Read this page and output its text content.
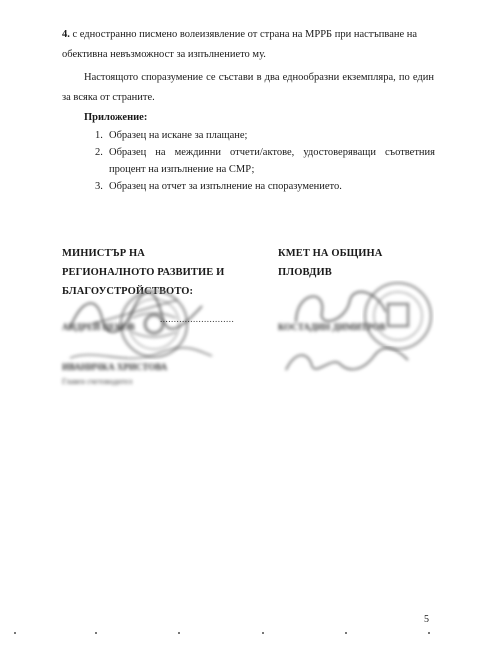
4. с едностранно писмено волеизявление от страна на МРРБ при настъпване на
обективна невъзможност за изпълнението му.
Настоящото споразумение се състави в два еднообразни екземпляра, по един за всяка от страните.
Приложение:
1. Образец на искане за плащане;
2. Образец на междинни отчети/актове, удостоверяващи съответния процент на изпълнение на СМР;
3. Образец на отчет за изпълнение на споразумението.
МИНИСТЪР НА
РЕГИОНАЛНОТО РАЗВИТИЕ И
БЛАГОУСТРОЙСТВОТО:
...........................
АНДРЕЙ ЦЕКОВ
ИВАНИЧКА ХРИСТОВА
Главен счетоводител
КМЕТ НА ОБЩИНА
ПЛОВДИВ
КОСТАДИН ДИМИТРОВ
5
